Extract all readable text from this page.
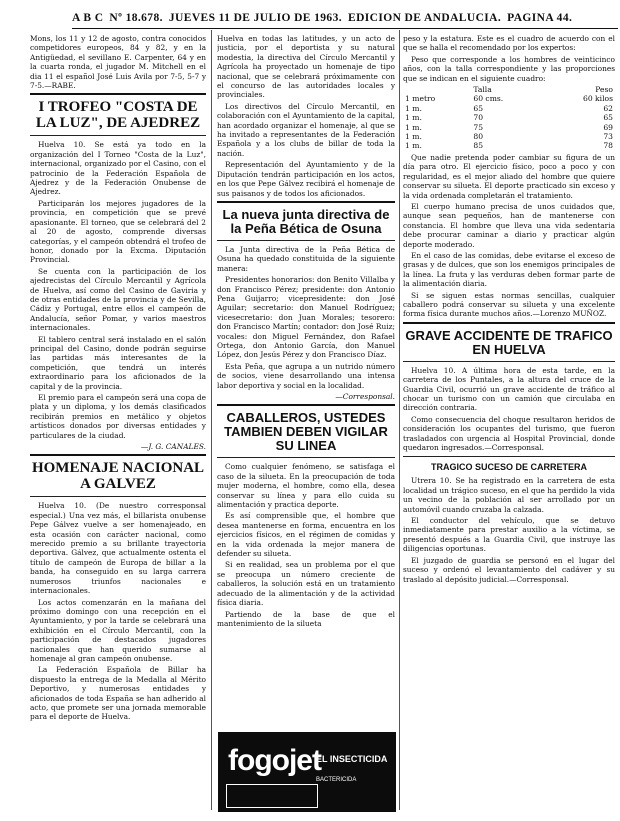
A B C Nº 18.678. JUEVES 11 DE JULIO DE 1963. EDICION DE ANDALUCIA. PAGINA 44.

Mons, los 11 y 12 de agosto, contra conocidos competidores europeos, 84 y 82, y en la Antigüedad, el sevillano E. Carpenter, 64 y en la cuarta ronda, el jugador M. Mitchell en el dia 11 el español José Luis Avila por 7-5, 5-7 y 7-5.—RABE.

I TROFEO "COSTA DE LA LUZ", DE AJEDREZ

Huelva 10. Se está ya todo en la organización del I Torneo "Costa de la Luz", internacional, organizado por el Casino, con el patrocinio de la Federación Española de Ajedrez y de la Federación Onubense de Ajedrez.

Participarán los mejores jugadores de la provincia, en competición que se prevé apasionante. El torneo, que se celebrará del 2 al 20 de agosto, comprende diversas categorías, y el campeón obtendrá el trofeo de honor, donado por la Excma. Diputación Provincial.

Se cuenta con la participación de los ajedrecistas del Círculo Mercantil y Agrícola de Huelva, así como del Casino de Gaviria y de otras entidades de la provincia y de Sevilla, Cádiz y Portugal, entre ellos el campeón de Andalucía, señor Pomar, y varios maestros internacionales.

El tablero central será instalado en el salón principal del Casino, donde podrán seguirse las partidas más interesantes de la competición, que tendrá un interés extraordinario para los aficionados de la capital y de la provincia.

El premio para el campeón será una copa de plata y un diploma, y los demás clasificados recibirán premios en metálico y objetos artísticos donados por diversas entidades y particulares de la ciudad.

—J. G. CANALES.
HOMENAJE NACIONAL A GALVEZ

Huelva 10. (De nuestro corresponsal especial.) Una vez más, el billarista onubense Pepe Gálvez vuelve a ser homenajeado, en esta ocasión con carácter nacional, como merecido premio a su brillante trayectoria deportiva. Gálvez, que actualmente ostenta el título de campeón de Europa de billar a la banda, ha conseguido en su larga carrera numerosos triunfos nacionales e internacionales.

Los actos comenzarán en la mañana del próximo domingo con una recepción en el Ayuntamiento, y por la tarde se celebrará una exhibición en el Círculo Mercantil, con la participación de destacados jugadores nacionales que han querido sumarse al homenaje al gran campeón onubense.

La Federación Española de Billar ha dispuesto la entrega de la Medalla al Mérito Deportivo, y numerosas entidades y aficionados de toda España se han adherido al acto, que promete ser una jornada memorable para el deporte de Huelva.

Huelva en todas las latitudes, y un acto de justicia, por el deportista y su natural modestia, la directiva del Círculo Mercantil y Agrícola ha proyectado un homenaje de tipo nacional, que se celebrará próximamente con el concurso de las autoridades locales y provinciales.

Los directivos del Círculo Mercantil, en colaboración con el Ayuntamiento de la capital, han acordado organizar el homenaje, al que se ha invitado a representantes de la Federación Española y a los clubs de billar de toda la nación.

Representación del Ayuntamiento y de la Diputación tendrán participación en los actos, en los que Pepe Gálvez recibirá el homenaje de sus paisanos y de todos los aficionados.

La nueva junta directiva de la Peña Bética de Osuna

La Junta directiva de la Peña Bética de Osuna ha quedado constituida de la siguiente manera:

Presidentes honorarios: don Benito Villalba y don Francisco Pérez; presidente: don Antonio Pena Guijarro; vicepresidente: don José Aguilar; secretario: don Manuel Rodríguez; vicesecretario: don Juan Morales; tesorero: don Francisco Martín; contador: don José Ruiz; vocales: don Miguel Fernández, don Rafael Ortega, don Antonio García, don Manuel López, don Jesús Pérez y don Francisco Díaz.

Esta Peña, que agrupa a un nutrido número de socios, viene desarrollando una intensa labor deportiva y social en la localidad.

—Corresponsal.
CABALLEROS, USTEDES TAMBIEN DEBEN VIGILAR SU LINEA

Como cualquier fenómeno, se satisfaga el caso de la silueta. En la preocupación de toda mujer moderna, el hombre, como ella, desea conservar su línea y para ello cuida su alimentación y practica deporte.

Es así comprensible que, el hombre que desea mantenerse en forma, encuentra en los ejercicios físicos, en el régimen de comidas y en la vida ordenada la mejor manera de defender su silueta.

Si en realidad, sea un problema por el que se preocupa un número creciente de caballeros, la solución está en un tratamiento adecuado de la alimentación y de la actividad física diaria.

Partiendo de la base de que el mantenimiento de la silueta

fogojet
EL INSECTICIDA
BACTERICIDA

peso y la estatura. Este es el cuadro de acuerdo con el que se halla el recomendado por los expertos:

Peso que corresponde a los hombres de veinticinco años, con la talla correspondiente y las proporciones que se indican en el siguiente cuadro:

	Talla		Peso
1 metro	60 cms.		60 kilos
1 m.	65		62
1 m.	70		65
1 m.	75		69
1 m.	80		73
1 m.	85		78

Que nadie pretenda poder cambiar su figura de un día para otro. El ejercicio físico, poco a poco y con regularidad, es el mejor aliado del hombre que quiere conservar su silueta. El deporte practicado sin exceso y la vida ordenada completarán el tratamiento.

El cuerpo humano precisa de unos cuidados que, aunque sean pequeños, han de mantenerse con constancia. El hombre que lleva una vida sedentaria debe procurar caminar a diario y practicar algún deporte moderado.

En el caso de las comidas, debe evitarse el exceso de grasas y de dulces, que son los enemigos principales de la línea. La fruta y las verduras deben formar parte de la alimentación diaria.

Si se siguen estas normas sencillas, cualquier caballero podrá conservar su silueta y una excelente forma física durante muchos años.—Lorenzo MUÑOZ.

GRAVE ACCIDENTE DE TRAFICO EN HUELVA

Huelva 10. A última hora de esta tarde, en la carretera de los Puntales, a la altura del cruce de la Guardia Civil, ocurrió un grave accidente de tráfico al chocar un turismo con un camión que circulaba en dirección contraria.

Como consecuencia del choque resultaron heridos de consideración los ocupantes del turismo, que fueron trasladados con urgencia al Hospital Provincial, donde quedaron ingresados.—Corresponsal.

TRAGICO SUCESO DE CARRETERA

Utrera 10. Se ha registrado en la carretera de esta localidad un trágico suceso, en el que ha perdido la vida un vecino de la población al ser arrollado por un automóvil cuando cruzaba la calzada.

El conductor del vehículo, que se detuvo inmediatamente para prestar auxilio a la víctima, se presentó después a la Guardia Civil, que instruye las diligencias oportunas.

El juzgado de guardia se personó en el lugar del suceso y ordenó el levantamiento del cadáver y su traslado al depósito judicial.—Corresponsal.
